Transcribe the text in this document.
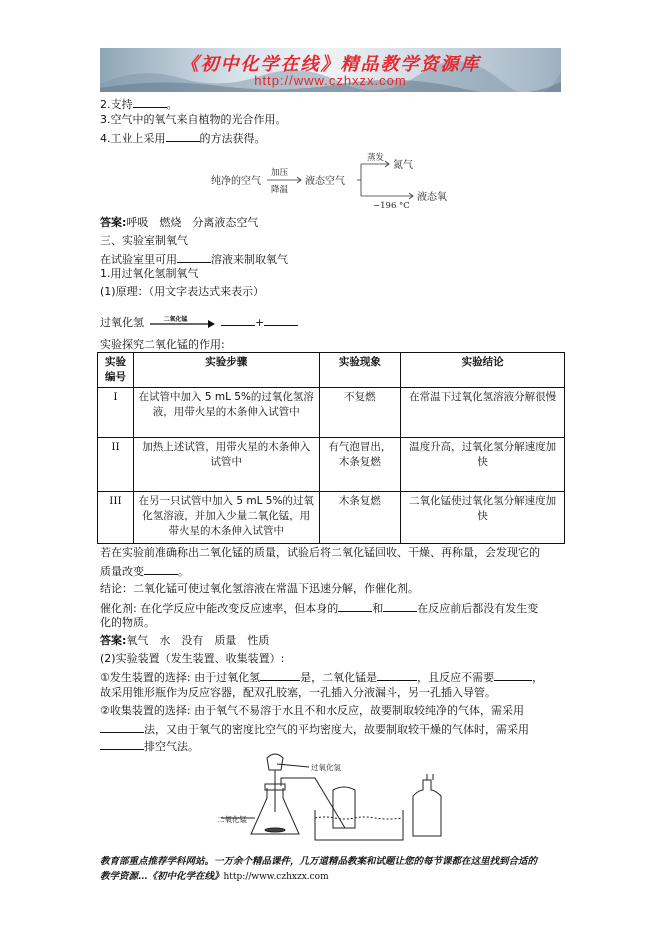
《初中化学在线》精品教学资源库
http://www.czhxzx.com
2.支持	。
3.空气中的氧气来自植物的光合作用。
4.工业上采用	的方法获得。
纯净的空气
加压
降温
液态空气
蒸发
氮气
液态氧
−196 °C
答案:呼吸　燃烧　分离液态空气
三、实验室制氧气
在试验室里可用	溶液来制取氧气
1.用过氧化氢制氧气
(1)原理：（用文字表达式来表示）
过氧化氢	二氧化锰	+
实验探究二氧化锰的作用:
实验编号	实验步骤	实验现象	实验结论
I	在试管中加入 5 mL 5%的过氧化氢溶液，用带火星的木条伸入试管中	不复燃	在常温下过氧化氢溶液分解很慢
II	加热上述试管，用带火星的木条伸入试管中	有气泡冒出，木条复燃	温度升高，过氧化氢分解速度加快
III	在另一只试管中加入 5 mL 5%的过氧化氢溶液，并加入少量二氧化锰，用带火星的木条伸入试管中	木条复燃	二氧化锰使过氧化氢分解速度加快
若在实验前准确称出二氧化锰的质量，试验后将二氧化锰回收、干燥、再称量，会发现它的
质量改变	。
结论：二氧化锰可使过氧化氢溶液在常温下迅速分解，作催化剂。
催化剂: 在化学反应中能改变反应速率，但本身的	和	在反应前后都没有发生变
化的物质。
答案:氧气　水　没有　质量　性质
(2)实验装置（发生装置、收集装置）:
①发生装置的选择: 由于过氧化氢	是，二氧化锰是	，且反应不需要	，
故采用锥形瓶作为反应容器，配双孔胶塞，一孔插入分液漏斗，另一孔插入导管。
②收集装置的选择: 由于氧气不易溶于水且不和水反应，故要制取较纯净的气体，需采用
法，又由于氧气的密度比空气的平均密度大，故要制取较干燥的气体时，需采用
排空气法。
过氧化氢
二氧化锰
教育部重点推荐学科网站。一万余个精品课件，几万道精品教案和试题让您的每节课都在这里找到合适的
教学资源…《初中化学在线》http://www.czhxzx.com
